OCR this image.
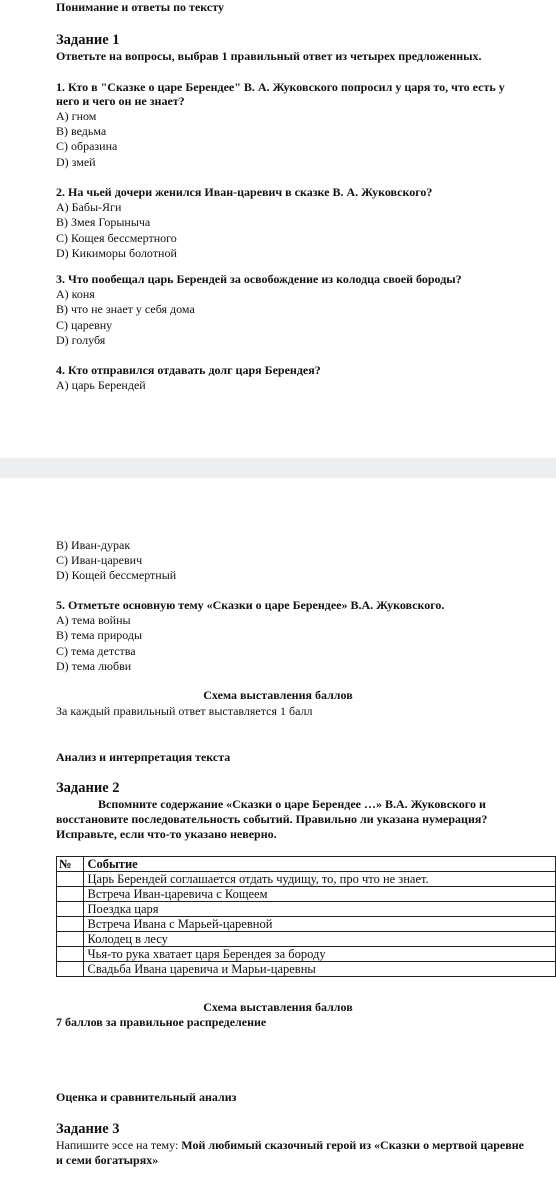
Понимание и ответы по тексту
Задание 1
Ответьте на вопросы, выбрав 1 правильный ответ из четырех предложенных.
1. Кто в "Сказке о царе Берендее" В. А. Жуковского попросил у царя то, что есть у
него и чего он не знает?
А) гном
В) ведьма
С) образина
D) змей
2. На чьей дочери женился Иван-царевич в сказке В. А. Жуковского?
А) Бабы-Яги
В) Змея Горыныча
С) Кощея бессмертного
D) Кикиморы болотной
3. Что пообещал царь Берендей за освобождение из колодца своей бороды?
А) коня
В) что не знает у себя дома
С) царевну
D) голубя
4. Кто отправился отдавать долг царя Берендея?
А) царь Берендей
В) Иван-дурак
С) Иван-царевич
D) Кощей бессмертный
5. Отметьте основную тему «Сказки о царе Берендее» В.А. Жуковского.
А) тема войны
В) тема природы
С) тема детства
D) тема любви
Схема выставления баллов
За каждый правильный ответ выставляется 1 балл
Анализ и интерпретация текста
Задание 2
Вспомните содержание «Сказки о царе Берендее …» В.А. Жуковского и
восстановите последовательность событий. Правильно ли указана нумерация?
Исправьте, если что-то указано неверно.
№	Событие
	Царь Берендей соглашается отдать чудищу, то, про что не знает.
	Встреча Иван-царевича с Кощеем
	Поездка царя
	Встреча Ивана с Марьей-царевной
	Колодец в лесу
	Чья-то рука хватает царя Берендея за бороду
	Свадьба Ивана царевича и Марьи-царевны
Схема выставления баллов
7 баллов за правильное распределение
Оценка и сравнительный анализ
Задание 3
Напишите эссе на тему: Мой любимый сказочный герой из «Сказки о мертвой царевне
и семи богатырях»
